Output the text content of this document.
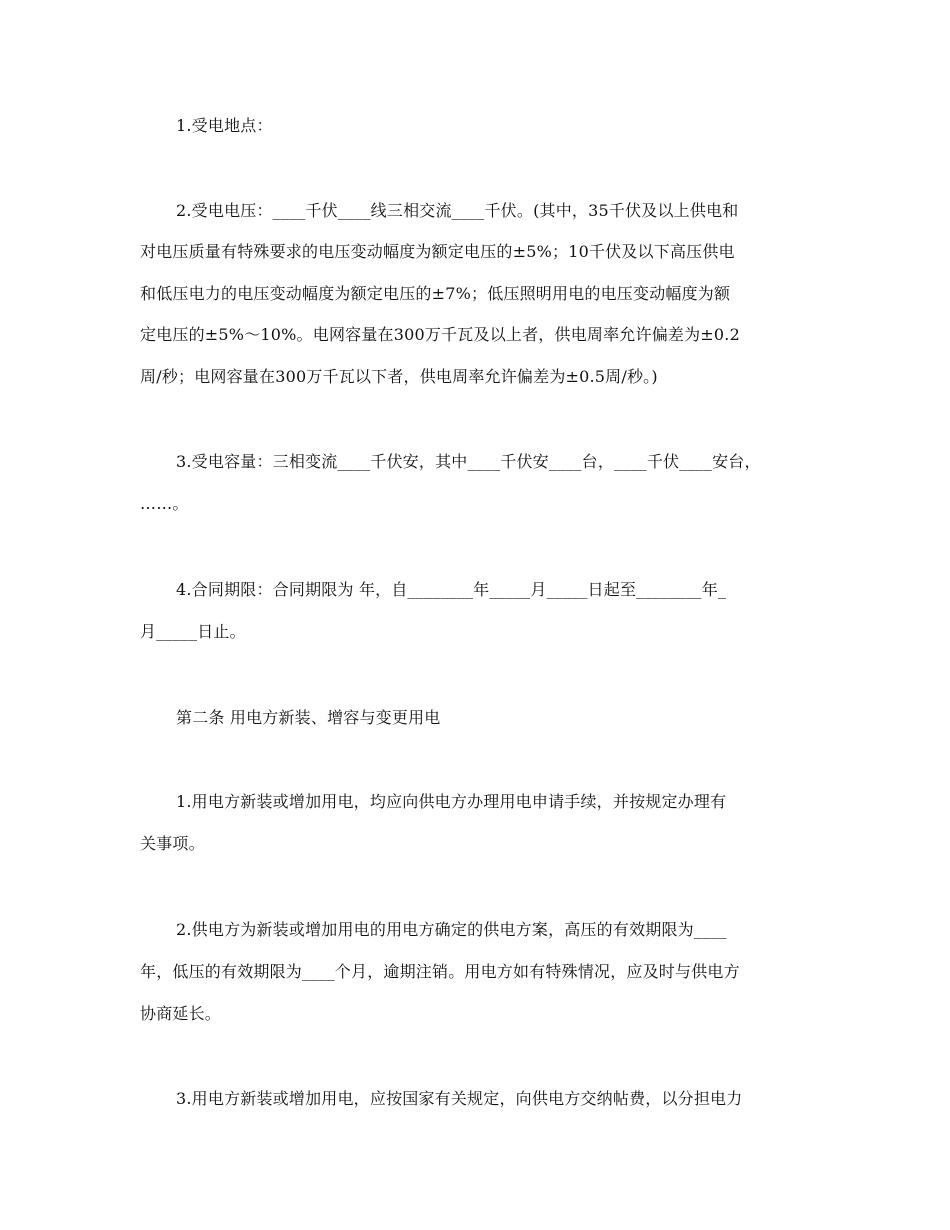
1.受电地点：
2.受电电压：____千伏____线三相交流____千伏。(其中，35千伏及以上供电和
对电压质量有特殊要求的电压变动幅度为额定电压的±5%；10千伏及以下高压供电
和低压电力的电压变动幅度为额定电压的±7%；低压照明用电的电压变动幅度为额
定电压的±5%～10%。电网容量在300万千瓦及以上者，供电周率允许偏差为±0.2
周/秒；电网容量在300万千瓦以下者，供电周率允许偏差为±0.5周/秒。)
3.受电容量：三相变流____千伏安，其中____千伏安____台，____千伏____安台，
……。
4.合同期限：合同期限为 年，自________年_____月_____日起至________年_
月_____日止。
第二条 用电方新装、增容与变更用电
1.用电方新装或增加用电，均应向供电方办理用电申请手续，并按规定办理有
关事项。
2.供电方为新装或增加用电的用电方确定的供电方案，高压的有效期限为____
年，低压的有效期限为____个月，逾期注销。用电方如有特殊情况，应及时与供电方
协商延长。
3.用电方新装或增加用电，应按国家有关规定，向供电方交纳帖费，以分担电力
